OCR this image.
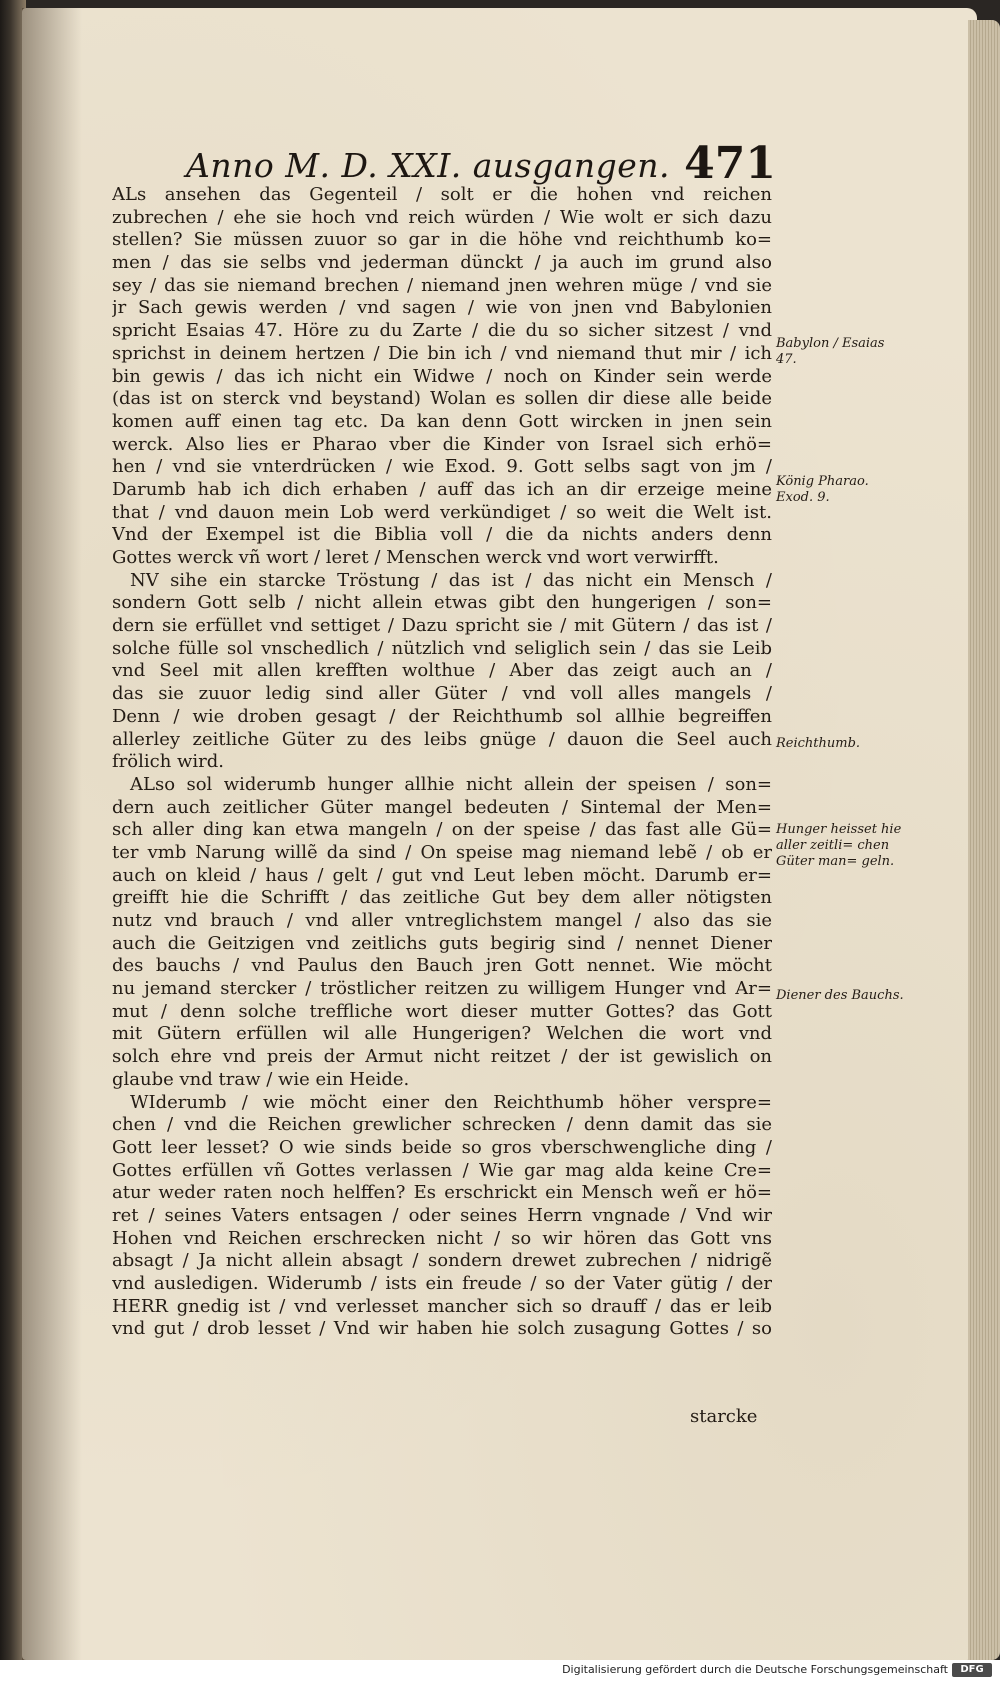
Anno M. D. XXI. ausgangen. 471
ALs ansehen das Gegenteil / solt er die hohen vnd reichen
zubrechen / ehe sie hoch vnd reich würden / Wie wolt er sich dazu
stellen? Sie müssen zuuor so gar in die höhe vnd reichthumb ko=
men / das sie selbs vnd jederman dünckt / ja auch im grund also
sey / das sie niemand brechen / niemand jnen wehren müge / vnd sie
jr Sach gewis werden / vnd sagen / wie von jnen vnd Babylonien
spricht Esaias 47. Höre zu du Zarte / die du so sicher sitzest / vnd
sprichst in deinem hertzen / Die bin ich / vnd niemand thut mir / ich
bin gewis / das ich nicht ein Widwe / noch on Kinder sein werde
(das ist on sterck vnd beystand) Wolan es sollen dir diese alle beide
komen auff einen tag etc. Da kan denn Gott wircken in jnen sein
werck. Also lies er Pharao vber die Kinder von Israel sich erhö=
hen / vnd sie vnterdrücken / wie Exod. 9. Gott selbs sagt von jm /
Darumb hab ich dich erhaben / auff das ich an dir erzeige meine
that / vnd dauon mein Lob werd verkündiget / so weit die Welt ist.
Vnd der Exempel ist die Biblia voll / die da nichts anders denn
Gottes werck vñ wort / leret / Menschen werck vnd wort verwirfft.
NV sihe ein starcke Tröstung / das ist / das nicht ein Mensch /
sondern Gott selb / nicht allein etwas gibt den hungerigen / son=
dern sie erfüllet vnd settiget / Dazu spricht sie / mit Gütern / das ist /
solche fülle sol vnschedlich / nützlich vnd seliglich sein / das sie Leib
vnd Seel mit allen krefften wolthue / Aber das zeigt auch an /
das sie zuuor ledig sind aller Güter / vnd voll alles mangels /
Denn / wie droben gesagt / der Reichthumb sol allhie begreiffen
allerley zeitliche Güter zu des leibs gnüge / dauon die Seel auch
frölich wird.
ALso sol widerumb hunger allhie nicht allein der speisen / son=
dern auch zeitlicher Güter mangel bedeuten / Sintemal der Men=
sch aller ding kan etwa mangeln / on der speise / das fast alle Gü=
ter vmb Narung willẽ da sind / On speise mag niemand lebẽ / ob er
auch on kleid / haus / gelt / gut vnd Leut leben möcht. Darumb er=
greifft hie die Schrifft / das zeitliche Gut bey dem aller nötigsten
nutz vnd brauch / vnd aller vntreglichstem mangel / also das sie
auch die Geitzigen vnd zeitlichs guts begirig sind / nennet Diener
des bauchs / vnd Paulus den Bauch jren Gott nennet. Wie möcht
nu jemand stercker / tröstlicher reitzen zu willigem Hunger vnd Ar=
mut / denn solche treffliche wort dieser mutter Gottes? das Gott
mit Gütern erfüllen wil alle Hungerigen? Welchen die wort vnd
solch ehre vnd preis der Armut nicht reitzet / der ist gewislich on
glaube vnd traw / wie ein Heide.
WIderumb / wie möcht einer den Reichthumb höher verspre=
chen / vnd die Reichen grewlicher schrecken / denn damit das sie
Gott leer lesset? O wie sinds beide so gros vberschwengliche ding /
Gottes erfüllen vñ Gottes verlassen / Wie gar mag alda keine Cre=
atur weder raten noch helffen? Es erschrickt ein Mensch weñ er hö=
ret / seines Vaters entsagen / oder seines Herrn vngnade / Vnd wir
Hohen vnd Reichen erschrecken nicht / so wir hören das Gott vns
absagt / Ja nicht allein absagt / sondern drewet zubrechen / nidrigẽ
vnd ausledigen. Widerumb / ists ein freude / so der Vater gütig / der
HERR gnedig ist / vnd verlesset mancher sich so drauff / das er leib
vnd gut / drob lesset / Vnd wir haben hie solch zusagung Gottes / so
Babylon / Esaias 47.
König Pharao. Exod. 9.
Reichthumb.
Hunger heisset hie aller zeitli= chen Güter man= geln.
Diener des Bauchs.
starcke
Digitalisierung gefördert durch die Deutsche Forschungsgemeinschaft	DFG
